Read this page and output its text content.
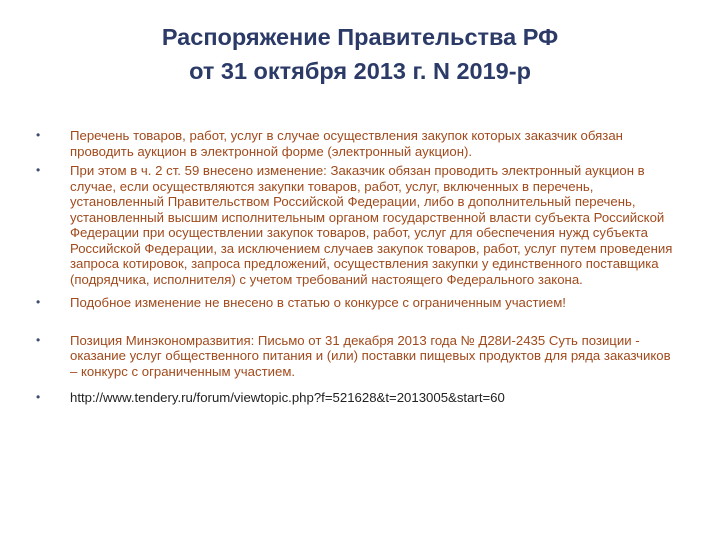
Распоряжение Правительства РФ
от 31 октября 2013 г. N 2019-р
• Перечень товаров, работ, услуг в случае осуществления закупок которых заказчик обязан проводить аукцион в электронной форме (электронный аукцион).
• При этом в ч. 2 ст. 59 внесено изменение: Заказчик обязан проводить электронный аукцион в случае, если осуществляются закупки товаров, работ, услуг, включенных в перечень, установленный Правительством Российской Федерации, либо в дополнительный перечень, установленный высшим исполнительным органом государственной власти субъекта Российской Федерации при осуществлении закупок товаров, работ, услуг для обеспечения нужд субъекта Российской Федерации, за исключением случаев закупок товаров, работ, услуг путем проведения запроса котировок, запроса предложений, осуществления закупки у единственного поставщика (подрядчика, исполнителя) с учетом требований настоящего Федерального закона.
• Подобное изменение не внесено в статью о конкурсе с ограниченным участием!
• Позиция Минэкономразвития: Письмо от 31 декабря 2013 года № Д28И-2435 Суть позиции - оказание услуг общественного питания и (или) поставки пищевых продуктов для ряда заказчиков – конкурс с ограниченным участием.
• http://www.tendery.ru/forum/viewtopic.php?f=521628&t=2013005&start=60
